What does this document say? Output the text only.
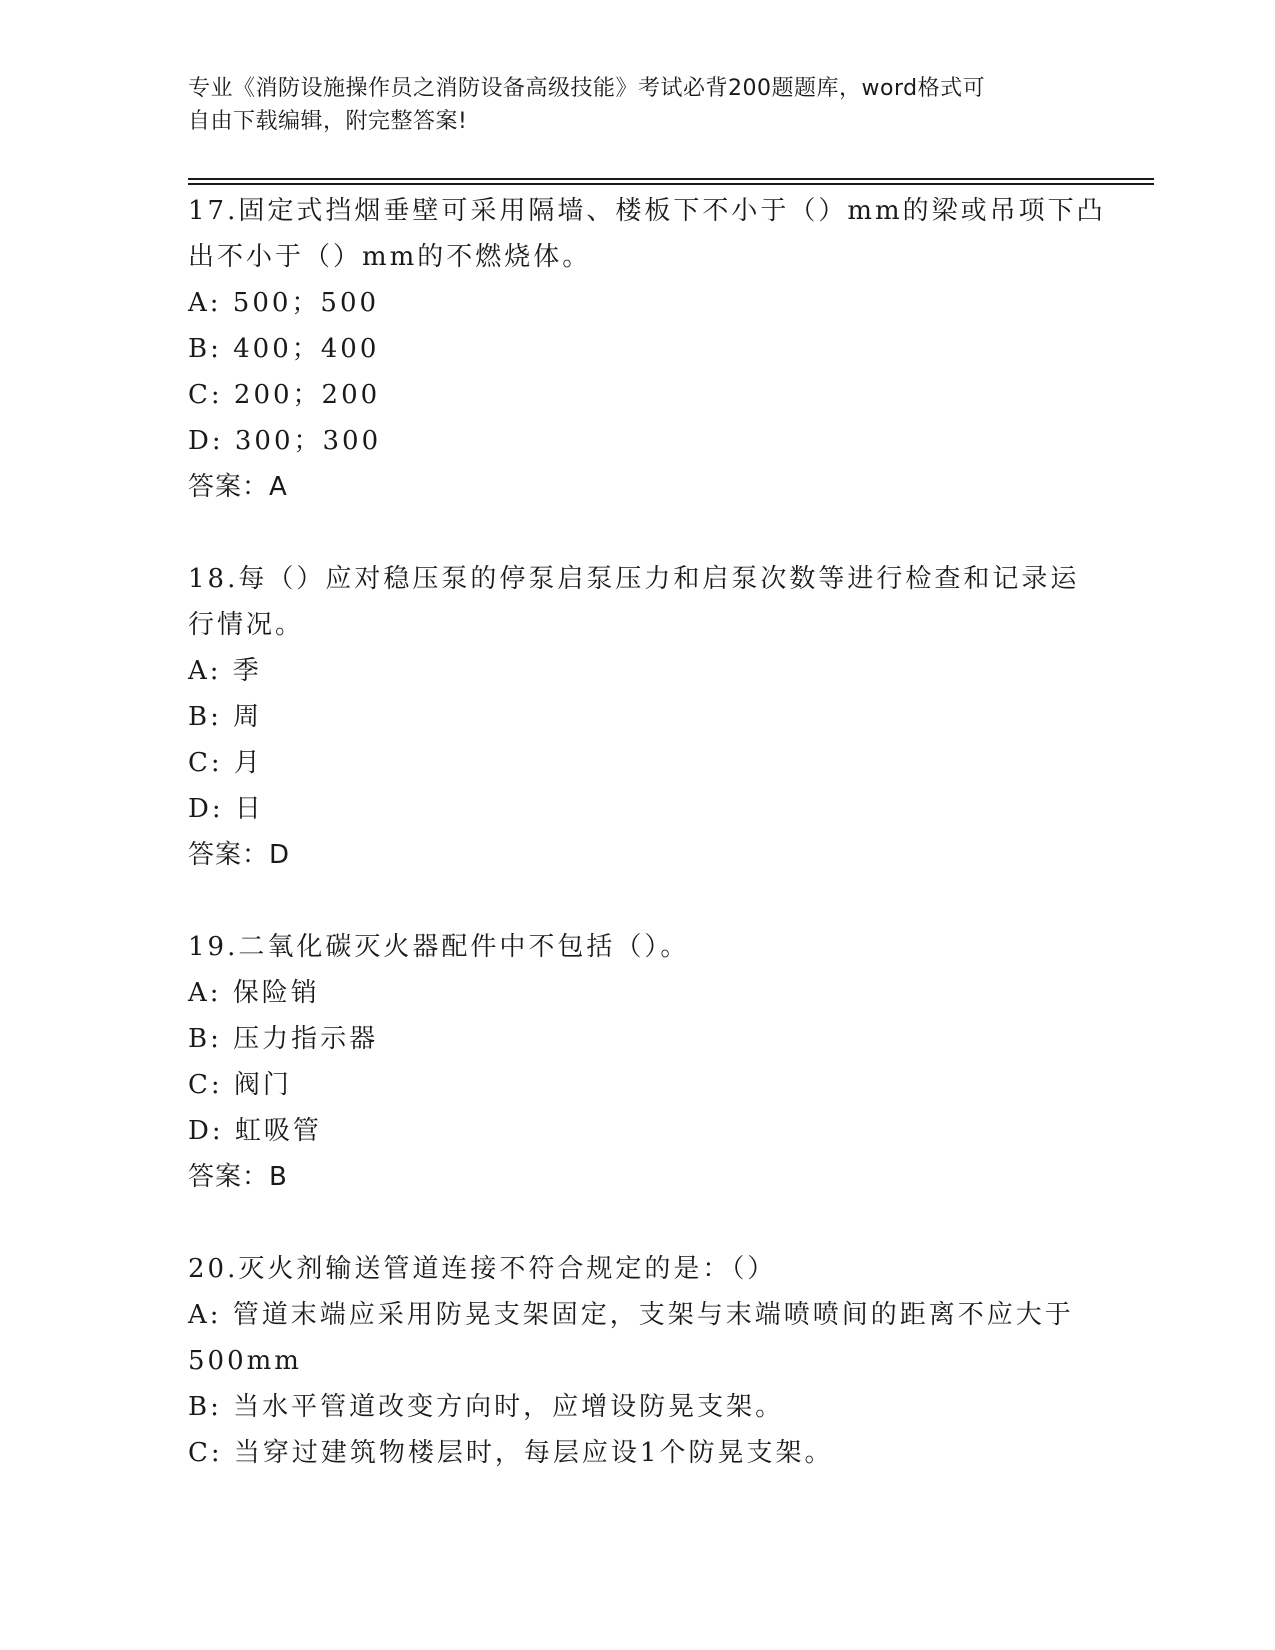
专业《消防设施操作员之消防设备高级技能》考试必背200题题库，word格式可
自由下载编辑，附完整答案!
17.固定式挡烟垂壁可采用隔墙、楼板下不小于（）mm的梁或吊项下凸
出不小于（）mm的不燃烧体。
A: 500；500
B: 400；400
C: 200；200
D: 300；300
答案：A
18.每（）应对稳压泵的停泵启泵压力和启泵次数等进行检查和记录运
行情况。
A: 季
B: 周
C: 月
D: 日
答案：D
19.二氧化碳灭火器配件中不包括（）。
A: 保险销
B: 压力指示器
C: 阀门
D: 虹吸管
答案：B
20.灭火剂输送管道连接不符合规定的是：（）
A: 管道末端应采用防晃支架固定，支架与末端喷喷间的距离不应大于
500mm
B: 当水平管道改变方向时，应增设防晃支架。
C: 当穿过建筑物楼层时，每层应设1个防晃支架。
